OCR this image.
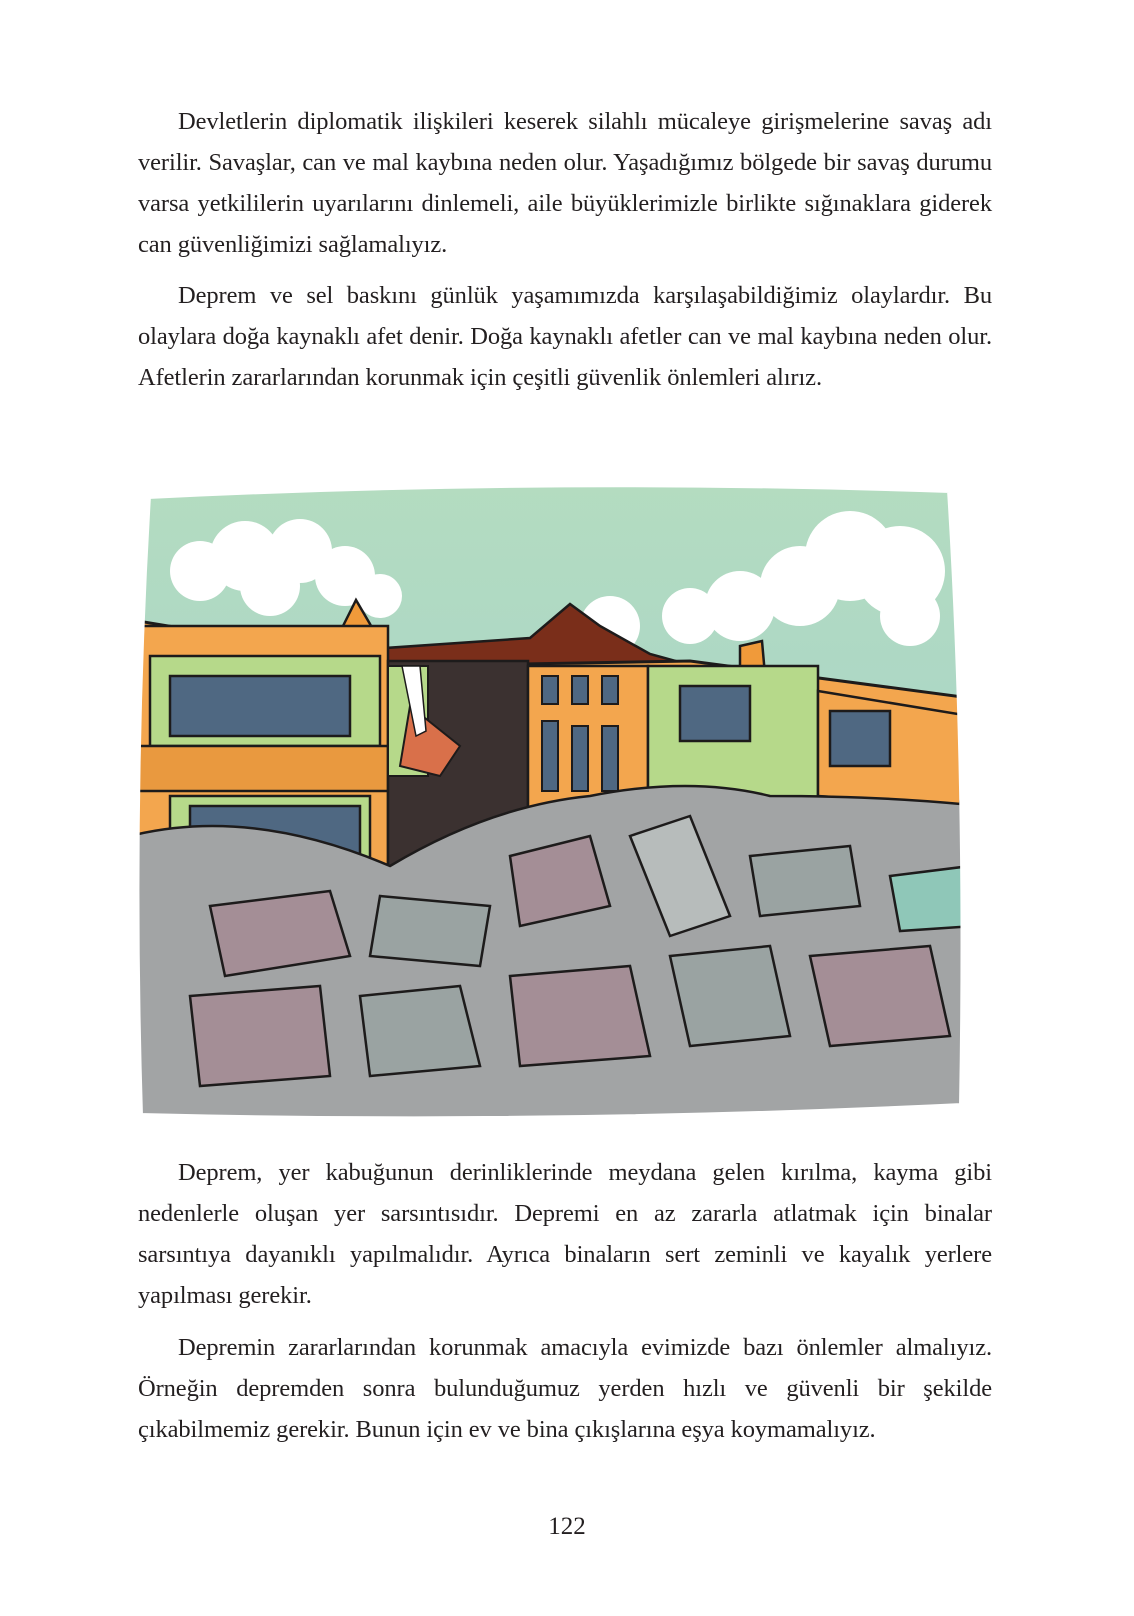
Devletlerin diplomatik ilişkileri keserek silahlı mücaleye girişmelerine savaş adı verilir. Savaşlar, can ve mal kaybına neden olur. Yaşadığımız bölgede bir savaş durumu varsa yetkililerin uyarılarını dinlemeli, aile büyüklerimizle birlikte sığınaklara giderek can güvenliğimizi sağlamalıyız.

Deprem ve sel baskını günlük yaşamımızda karşılaşabildiğimiz olaylardır. Bu olaylara doğa kaynaklı afet denir. Doğa kaynaklı afetler can ve mal kaybına neden olur. Afetlerin zararlarından korunmak için çeşitli güvenlik önlemleri alırız.

Deprem, yer kabuğunun derinliklerinde meydana gelen kırılma, kayma gibi nedenlerle oluşan yer sarsıntısıdır. Depremi en az zararla atlatmak için binalar sarsıntıya dayanıklı yapılmalıdır. Ayrıca binaların sert zeminli ve kayalık yerlere yapılması gerekir.

Depremin zararlarından korunmak amacıyla evimizde bazı önlemler almalıyız. Örneğin depremden sonra bulunduğumuz yerden hızlı ve güvenli bir şekilde çıkabilmemiz gerekir. Bunun için ev ve bina çıkışlarına eşya koymamalıyız.

122
